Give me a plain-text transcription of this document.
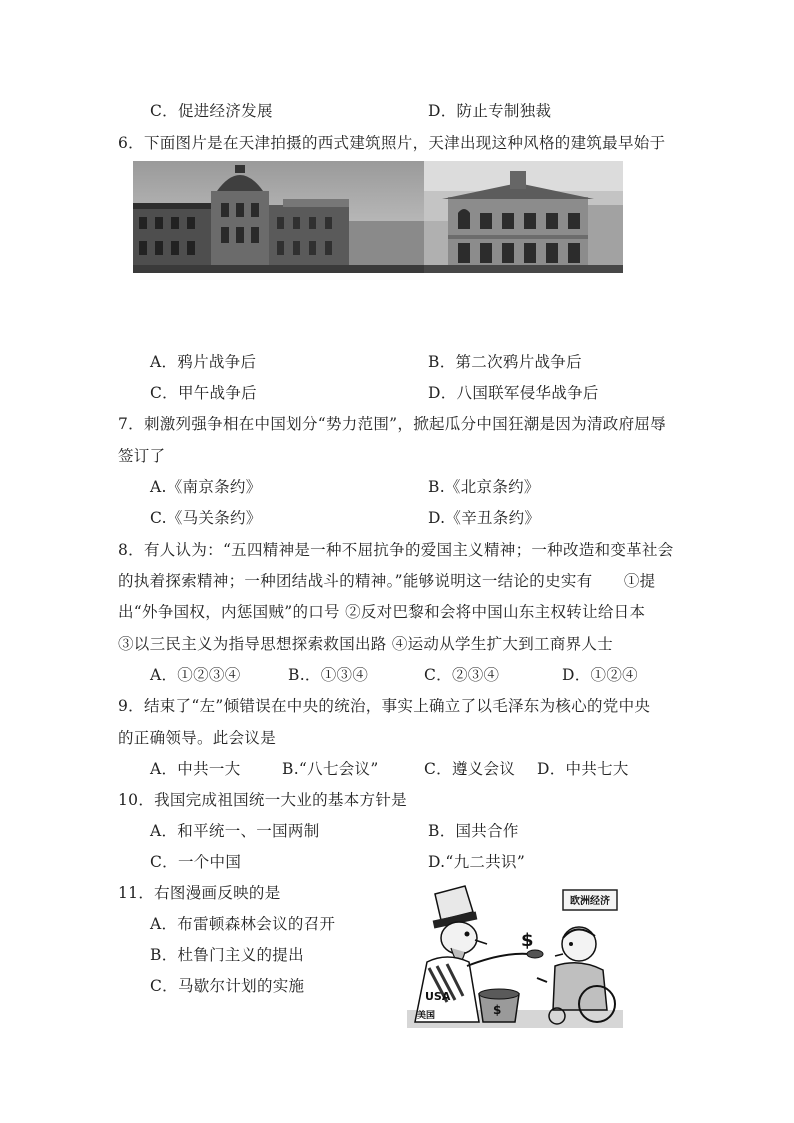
C．促进经济发展	D．防止专制独裁
6．下面图片是在天津拍摄的西式建筑照片，天津出现这种风格的建筑最早始于
A．鸦片战争后	B．第二次鸦片战争后
C．甲午战争后	D．八国联军侵华战争后
7．刺激列强争相在中国划分“势力范围”，掀起瓜分中国狂潮是因为清政府屈辱
签订了
A.《南京条约》	B.《北京条约》
C.《马关条约》	D.《辛丑条约》
8．有人认为：“五四精神是一种不屈抗争的爱国主义精神；一种改造和变革社会
的执着探索精神；一种团结战斗的精神。”能够说明这一结论的史实有      ①提
出“外争国权，内惩国贼”的口号 ②反对巴黎和会将中国山东主权转让给日本
③以三民主义为指导思想探索救国出路 ④运动从学生扩大到工商界人士
A．①②③④	B.．①③④	C．②③④	D．①②④
9．结束了“左”倾错误在中央的统治，事实上确立了以毛泽东为核心的党中央
的正确领导。此会议是
A．中共一大	B.“八七会议”	C．遵义会议 D．中共七大
10．我国完成祖国统一大业的基本方针是
A．和平统一、一国两制	B．国共合作
C．一个中国	D.“九二共识”
11．右图漫画反映的是
A．布雷顿森林会议的召开
B．杜鲁门主义的提出
C．马歇尔计划的实施
欧洲经济
USA
美国
$
$
